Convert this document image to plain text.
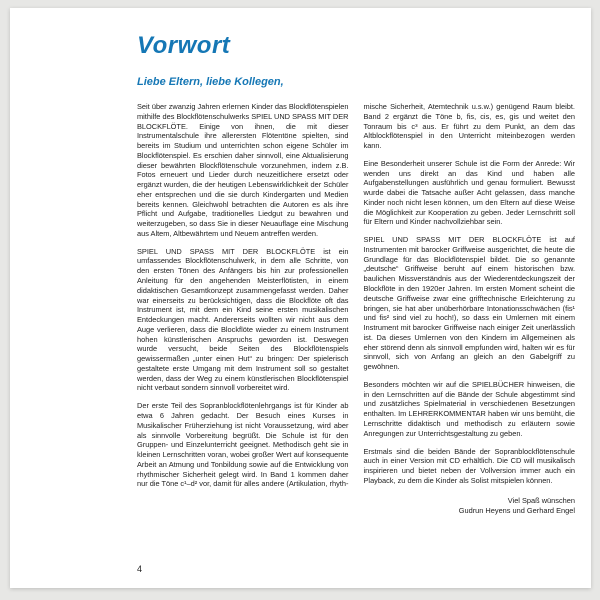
Vorwort
Liebe Eltern, liebe Kollegen,

Seit über zwanzig Jahren erlernen Kinder das Blockflötenspielen mithilfe des Blockflötenschulwerks SPIEL UND SPASS MIT DER BLOCKFLÖTE. Einige von ihnen, die mit dieser Instrumentalschule ihre allerersten Flötentöne spielten, sind bereits im Studium und unterrichten schon eigene Schüler im Blockflötenspiel. Es erschien daher sinnvoll, eine Aktualisierung dieser bewährten Blockflötenschule vorzunehmen, indem z.B. Fotos erneuert und Lieder durch neuzeitlichere ersetzt oder ergänzt wurden, die der heutigen Lebenswirklichkeit der Schüler eher entsprechen und die sie durch Kindergarten und Medien bereits kennen. Gleichwohl betrachten die Autoren es als ihre Pflicht und Aufgabe, traditionelles Liedgut zu bewahren und weiterzugeben, so dass Sie in dieser Neuauflage eine Mischung aus Altem, Altbewährtem und Neuem antreffen werden.

SPIEL UND SPASS MIT DER BLOCKFLÖTE ist ein umfassendes Blockflötenschulwerk, in dem alle Schritte, von den ersten Tönen des Anfängers bis hin zur professionellen Anleitung für den angehenden Meisterflötisten, in einem didaktischen Gesamtkonzept zusammengefasst werden. Daher war einerseits zu berücksichtigen, dass die Blockflöte oft das Instrument ist, mit dem ein Kind seine ersten musikalischen Entdeckungen macht. Andererseits wollten wir nicht aus dem Auge verlieren, dass die Blockflöte wieder zu einem Instrument hohen künstlerischen Anspruchs geworden ist. Deswegen wurde versucht, beide Seiten des Blockflötenspiels gewissermaßen „unter einen Hut“ zu bringen: Der spielerisch gestaltete erste Umgang mit dem Instrument soll so gestaltet werden, dass der Weg zu einem künstlerischen Blockflötenspiel nicht verbaut sondern sinnvoll vorbereitet wird.

Der erste Teil des Sopranblockflötenlehrgangs ist für Kinder ab etwa 6 Jahren gedacht. Der Besuch eines Kurses in Musikalischer Früherziehung ist nicht Voraussetzung, wird aber als sinnvolle Vorbereitung begrüßt. Die Schule ist für den Gruppen- und Einzelunterricht geeignet. Methodisch geht sie in kleinen Lernschritten voran, wobei großer Wert auf konsequente Arbeit an Atmung und Tonbildung sowie auf die Entwicklung von rhythmischer Sicherheit gelegt wird. In Band 1 kommen daher nur die Töne c¹–d² vor, damit für alles andere (Artikulation, rhyth-

mische Sicherheit, Atemtechnik u.s.w.) genügend Raum bleibt. Band 2 ergänzt die Töne b, fis, cis, es, gis und weitet den Tonraum bis c³ aus. Er führt zu dem Punkt, an dem das Altblockflötenspiel in den Unterricht miteinbezogen werden kann.

Eine Besonderheit unserer Schule ist die Form der Anrede: Wir wenden uns direkt an das Kind und haben alle Aufgabenstellungen ausführlich und genau formuliert. Bewusst wurde dabei die Tatsache außer Acht gelassen, dass manche Kinder noch nicht lesen können, um den Eltern auf diese Weise die Möglichkeit zur Kooperation zu geben. Jeder Lernschritt soll für Eltern und Kinder nachvollziehbar sein.

SPIEL UND SPASS MIT DER BLOCKFLÖTE ist auf Instrumenten mit barocker Griffweise ausgerichtet, die heute die Grundlage für das Blockflötenspiel bildet. Die so genannte „deutsche“ Griffweise beruht auf einem historischen bzw. baulichen Missverständnis aus der Wiederentdeckungszeit der Blockflöte in den 1920er Jahren. Im ersten Moment scheint die deutsche Griffweise zwar eine grifftechnische Erleichterung zu bringen, sie hat aber unüberhörbare Intonationsschwächen (fis¹ und fis² sind viel zu hoch!), so dass ein Umlernen mit einem Instrument mit barocker Griffweise nach einiger Zeit unerlässlich ist. Da dieses Umlernen von den Kindern im Allgemeinen als eher störend denn als sinnvoll empfunden wird, halten wir es für sinnvoll, sich von Anfang an gleich an den Gabelgriff zu gewöhnen.

Besonders möchten wir auf die SPIELBÜCHER hinweisen, die in den Lernschritten auf die Bände der Schule abgestimmt sind und zusätzliches Spielmaterial in verschiedenen Besetzungen enthalten. Im LEHRERKOMMENTAR haben wir uns bemüht, die Lernschritte didaktisch und methodisch zu erläutern sowie Anregungen zur Unterrichtsgestaltung zu geben.

Erstmals sind die beiden Bände der Sopranblockflötenschule auch in einer Version mit CD erhältlich. Die CD will musikalisch inspirieren und bietet neben der Vollversion immer auch ein Playback, zu dem die Kinder als Solist mitspielen können.

Viel Spaß wünschen
Gudrun Heyens und Gerhard Engel
4
